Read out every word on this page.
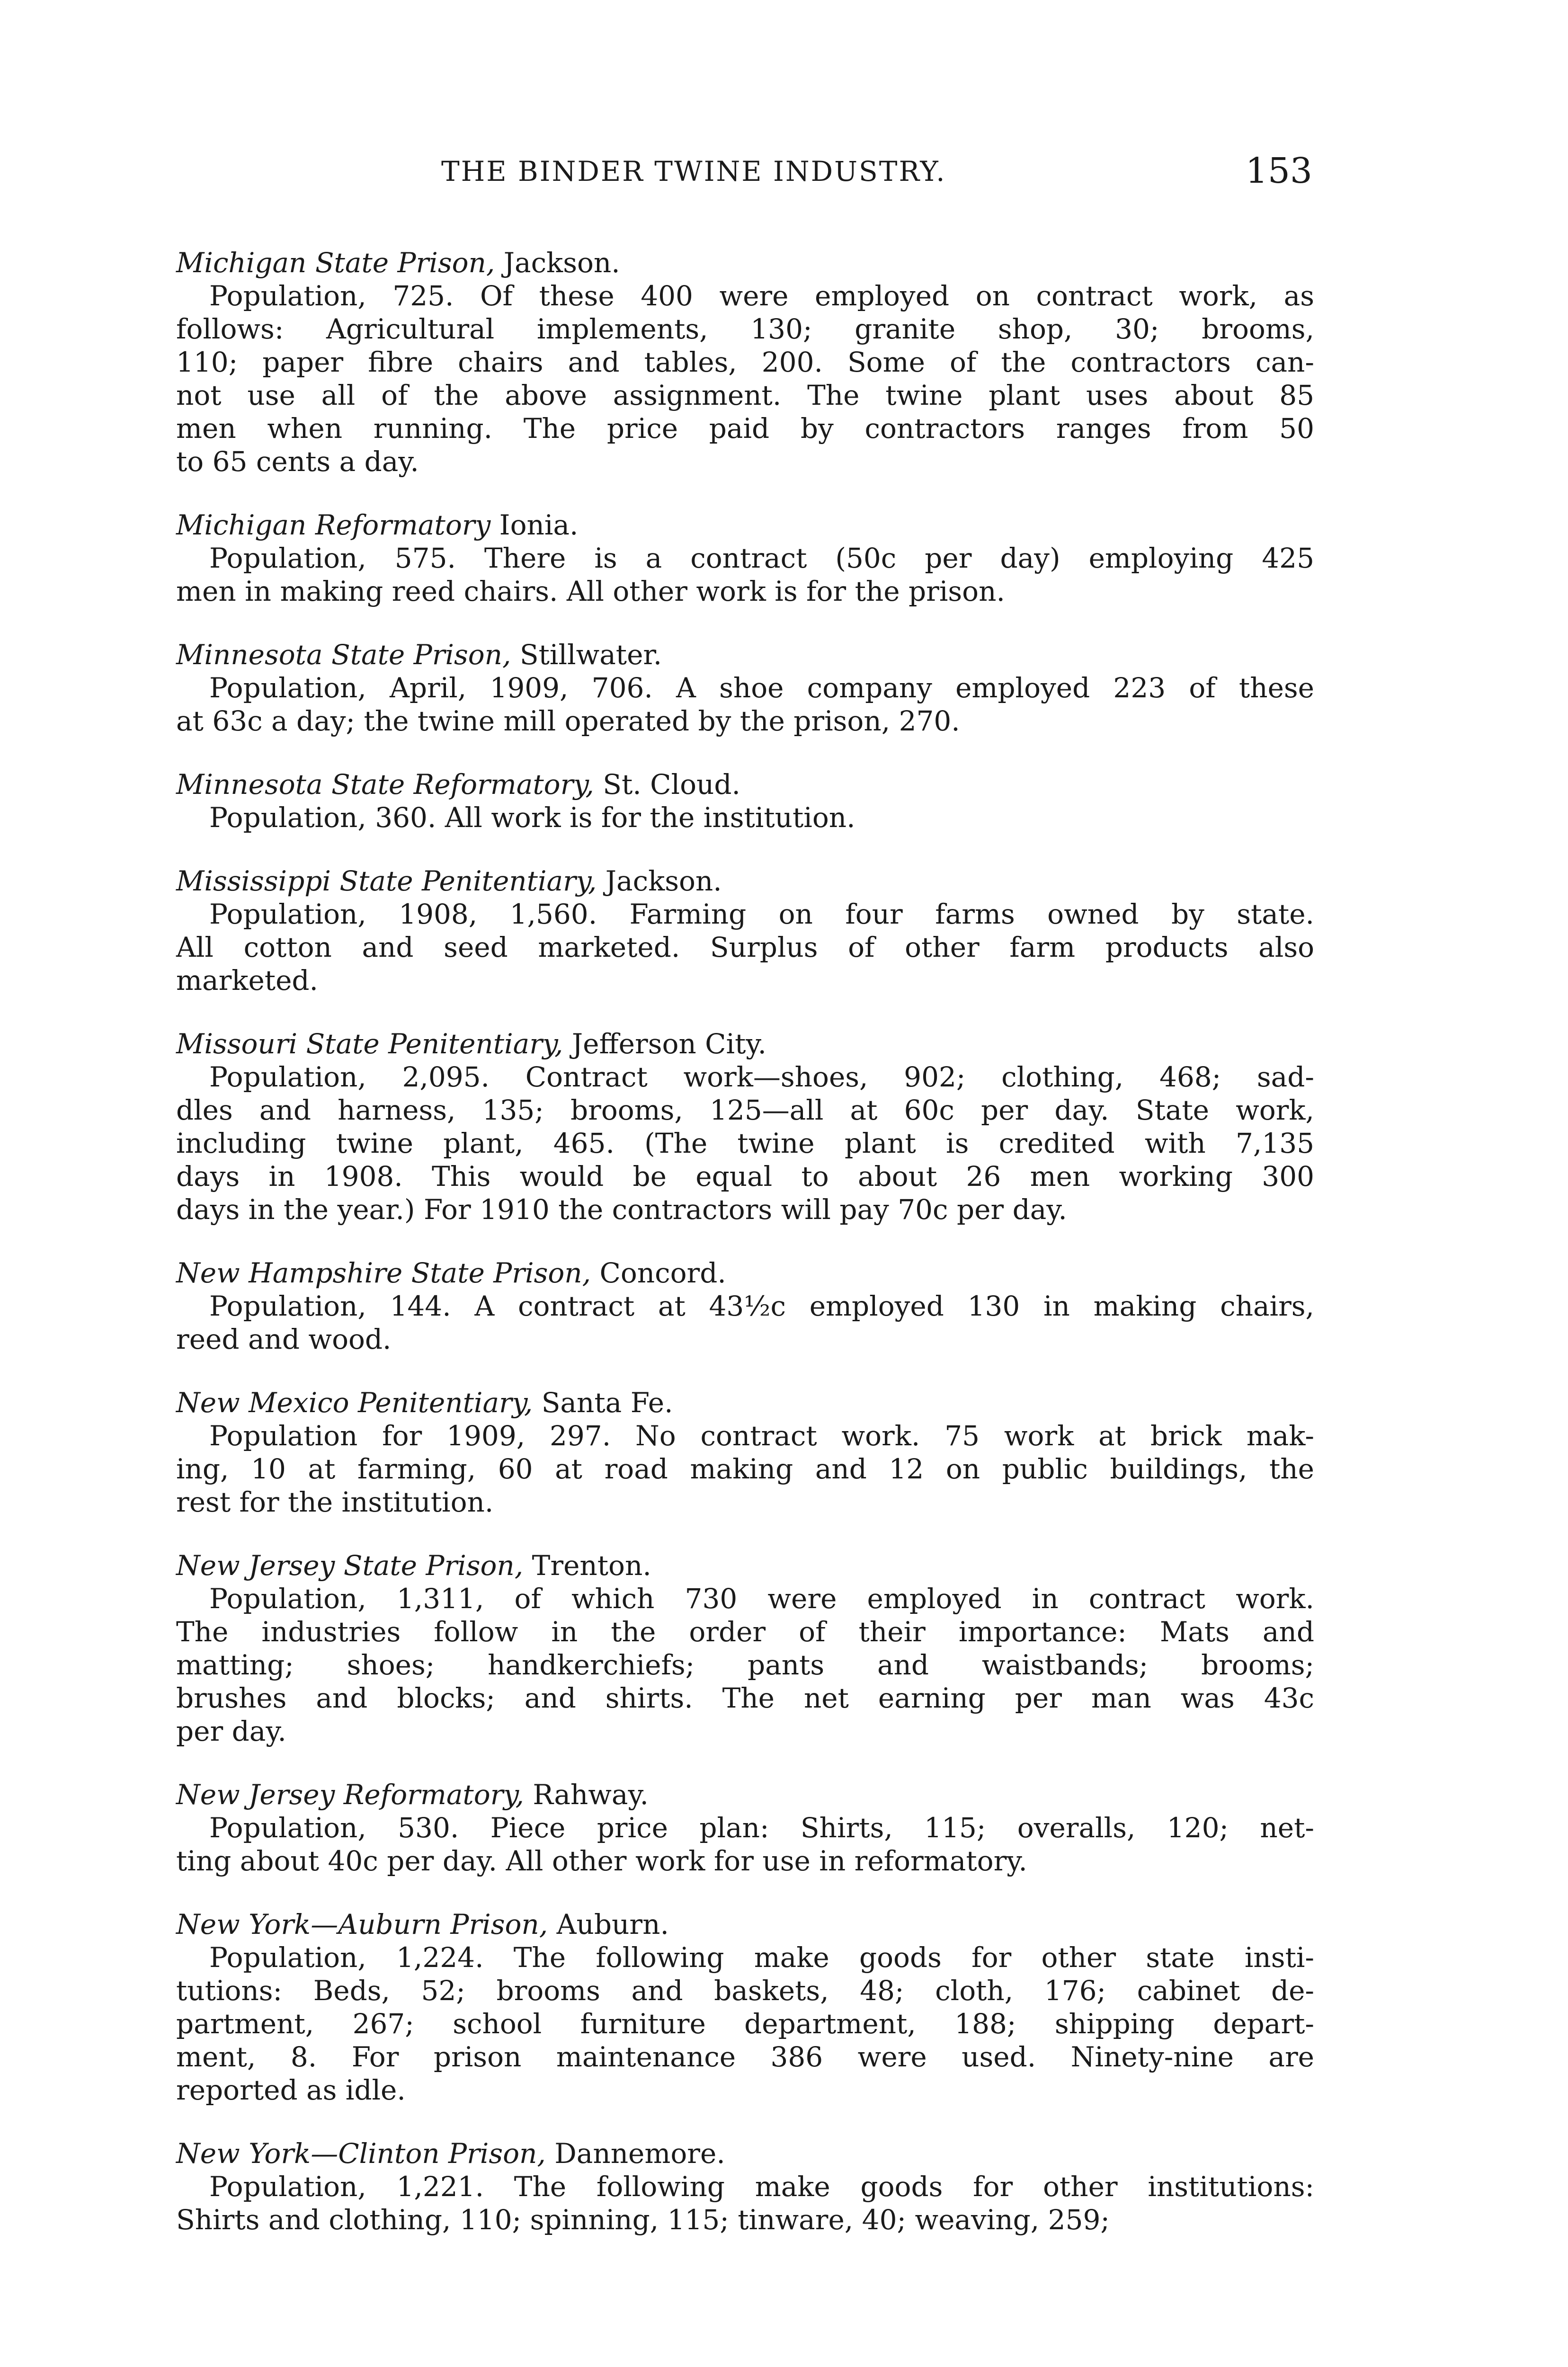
THE BINDER TWINE INDUSTRY.	153
Michigan State Prison, Jackson.
Population, 725. Of these 400 were employed on contract work, as
follows: Agricultural implements, 130; granite shop, 30; brooms,
110; paper fibre chairs and tables, 200. Some of the contractors can-
not use all of the above assignment. The twine plant uses about 85
men when running. The price paid by contractors ranges from 50
to 65 cents a day.
Michigan Reformatory Ionia.
Population, 575. There is a contract (50c per day) employing 425
men in making reed chairs. All other work is for the prison.
Minnesota State Prison, Stillwater.
Population, April, 1909, 706. A shoe company employed 223 of these
at 63c a day; the twine mill operated by the prison, 270.
Minnesota State Reformatory, St. Cloud.
Population, 360. All work is for the institution.
Mississippi State Penitentiary, Jackson.
Population, 1908, 1,560. Farming on four farms owned by state.
All cotton and seed marketed. Surplus of other farm products also
marketed.
Missouri State Penitentiary, Jefferson City.
Population, 2,095. Contract work—shoes, 902; clothing, 468; sad-
dles and harness, 135; brooms, 125—all at 60c per day. State work,
including twine plant, 465. (The twine plant is credited with 7,135
days in 1908. This would be equal to about 26 men working 300
days in the year.) For 1910 the contractors will pay 70c per day.
New Hampshire State Prison, Concord.
Population, 144. A contract at 43½c employed 130 in making chairs,
reed and wood.
New Mexico Penitentiary, Santa Fe.
Population for 1909, 297. No contract work. 75 work at brick mak-
ing, 10 at farming, 60 at road making and 12 on public buildings, the
rest for the institution.
New Jersey State Prison, Trenton.
Population, 1,311, of which 730 were employed in contract work.
The industries follow in the order of their importance: Mats and
matting; shoes; handkerchiefs; pants and waistbands; brooms;
brushes and blocks; and shirts. The net earning per man was 43c
per day.
New Jersey Reformatory, Rahway.
Population, 530. Piece price plan: Shirts, 115; overalls, 120; net-
ting about 40c per day. All other work for use in reformatory.
New York—Auburn Prison, Auburn.
Population, 1,224. The following make goods for other state insti-
tutions: Beds, 52; brooms and baskets, 48; cloth, 176; cabinet de-
partment, 267; school furniture department, 188; shipping depart-
ment, 8. For prison maintenance 386 were used. Ninety-nine are
reported as idle.
New York—Clinton Prison, Dannemore.
Population, 1,221. The following make goods for other institutions:
Shirts and clothing, 110; spinning, 115; tinware, 40; weaving, 259;
